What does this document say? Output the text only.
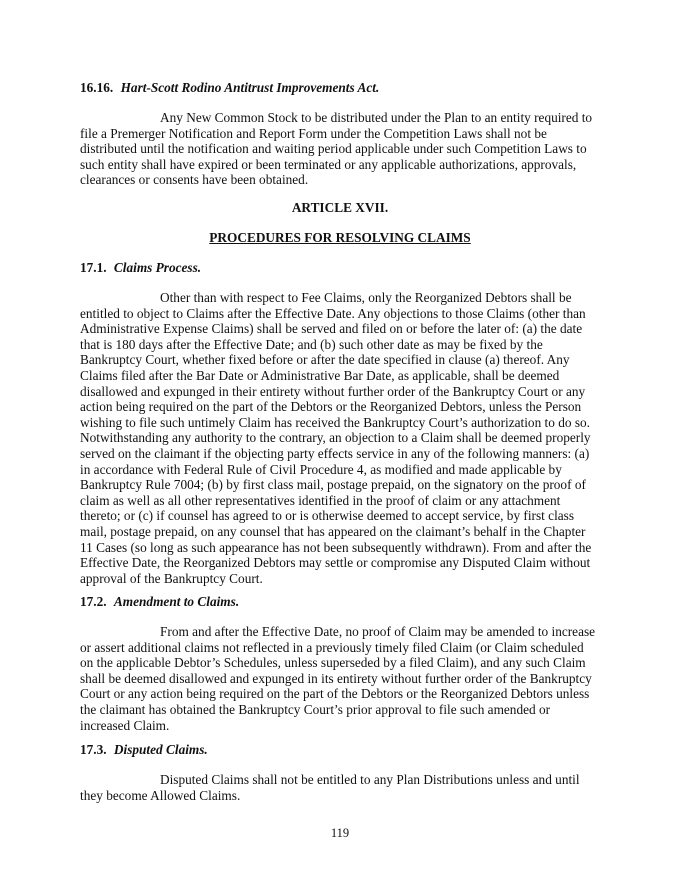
16.16. Hart-Scott Rodino Antitrust Improvements Act.

Any New Common Stock to be distributed under the Plan to an entity required to file a Premerger Notification and Report Form under the Competition Laws shall not be distributed until the notification and waiting period applicable under such Competition Laws to such entity shall have expired or been terminated or any applicable authorizations, approvals, clearances or consents have been obtained.

ARTICLE XVII.

PROCEDURES FOR RESOLVING CLAIMS

17.1. Claims Process.

Other than with respect to Fee Claims, only the Reorganized Debtors shall be entitled to object to Claims after the Effective Date. Any objections to those Claims (other than Administrative Expense Claims) shall be served and filed on or before the later of: (a) the date that is 180 days after the Effective Date; and (b) such other date as may be fixed by the Bankruptcy Court, whether fixed before or after the date specified in clause (a) thereof. Any Claims filed after the Bar Date or Administrative Bar Date, as applicable, shall be deemed disallowed and expunged in their entirety without further order of the Bankruptcy Court or any action being required on the part of the Debtors or the Reorganized Debtors, unless the Person wishing to file such untimely Claim has received the Bankruptcy Court’s authorization to do so. Notwithstanding any authority to the contrary, an objection to a Claim shall be deemed properly served on the claimant if the objecting party effects service in any of the following manners: (a) in accordance with Federal Rule of Civil Procedure 4, as modified and made applicable by Bankruptcy Rule 7004; (b) by first class mail, postage prepaid, on the signatory on the proof of claim as well as all other representatives identified in the proof of claim or any attachment thereto; or (c) if counsel has agreed to or is otherwise deemed to accept service, by first class mail, postage prepaid, on any counsel that has appeared on the claimant’s behalf in the Chapter 11 Cases (so long as such appearance has not been subsequently withdrawn). From and after the Effective Date, the Reorganized Debtors may settle or compromise any Disputed Claim without approval of the Bankruptcy Court.

17.2. Amendment to Claims.

From and after the Effective Date, no proof of Claim may be amended to increase or assert additional claims not reflected in a previously timely filed Claim (or Claim scheduled on the applicable Debtor’s Schedules, unless superseded by a filed Claim), and any such Claim shall be deemed disallowed and expunged in its entirety without further order of the Bankruptcy Court or any action being required on the part of the Debtors or the Reorganized Debtors unless the claimant has obtained the Bankruptcy Court’s prior approval to file such amended or increased Claim.

17.3. Disputed Claims.

Disputed Claims shall not be entitled to any Plan Distributions unless and until they become Allowed Claims.

119
